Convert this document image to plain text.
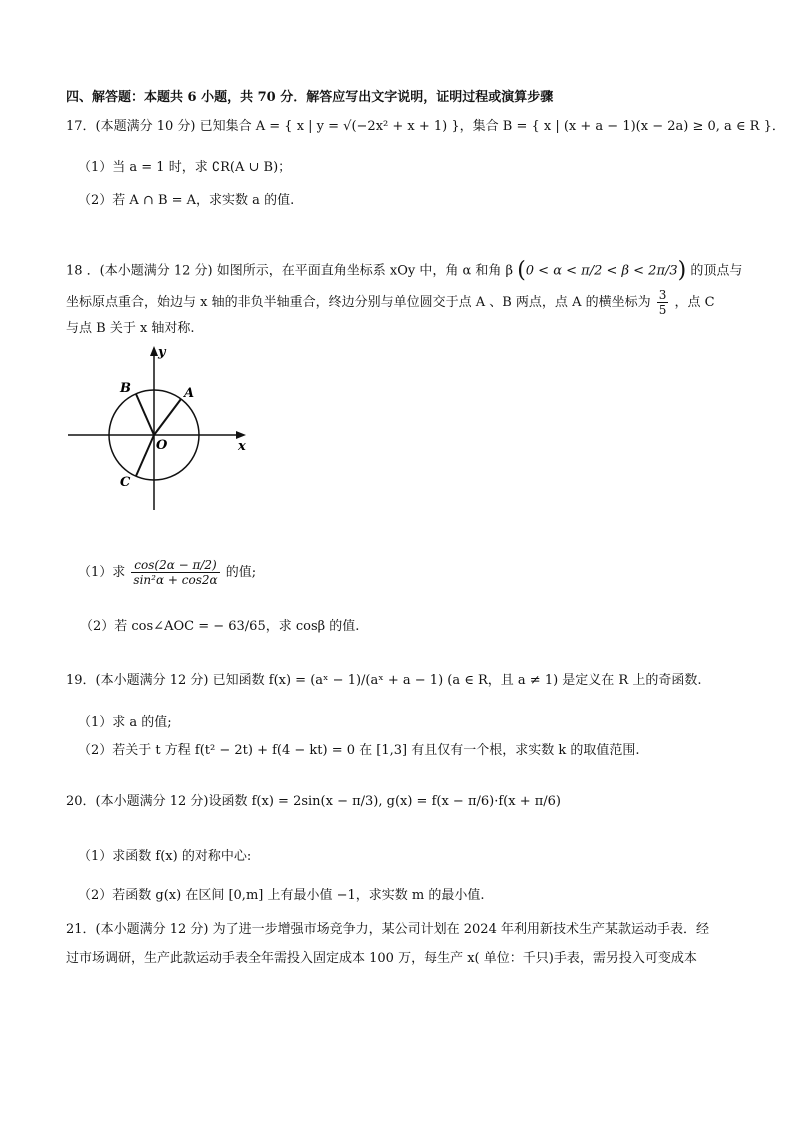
四、解答题：本题共 6 小题，共 70 分．解答应写出文字说明，证明过程或演算步骤
17．(本题满分 10 分) 已知集合 A = { x | y = √(−2x² + x + 1) }，集合 B = { x | (x + a − 1)(x − 2a) ≥ 0, a ∈ R }．
（1）当 a = 1 时，求 ∁R(A ∪ B)；
（2）若 A ∩ B = A，求实数 a 的值.
18 ．(本小题满分 12 分) 如图所示，在平面直角坐标系 xOy 中，角 α 和角 β (0 < α < π/2 < β < 2π/3) 的顶点与
坐标原点重合，始边与 x 轴的非负半轴重合，终边分别与单位圆交于点 A 、B 两点，点 A 的横坐标为 $\frac{3}{5}$ ，点 C
与点 B 关于 x 轴对称.
y
x
O
A
B
C
（1）求 $\frac{\cos(2\alpha - \pi/2)}{\text{sin²α + cos2α}}$ 的值;
（2）若 cos∠AOC = − 63/65，求 cosβ 的值.
19．(本小题满分 12 分) 已知函数 f(x) = (aˣ − 1)/(aˣ + a − 1) (a ∈ R，且 a ≠ 1) 是定义在 R 上的奇函数.
（1）求 a 的值;
（2）若关于 t 方程 f(t² − 2t) + f(4 − kt) = 0 在 [1,3] 有且仅有一个根，求实数 k 的取值范围.
20．(本小题满分 12 分)设函数 f(x) = 2sin(x − π/3), g(x) = f(x − π/6)·f(x + π/6)
（1）求函数 f(x) 的对称中心:
（2）若函数 g(x) 在区间 [0,m] 上有最小值 −1，求实数 m 的最小值.
21．(本小题满分 12 分) 为了进一步增强市场竞争力，某公司计划在 2024 年利用新技术生产某款运动手表．经
过市场调研，生产此款运动手表全年需投入固定成本 100 万，每生产 x( 单位：千只)手表，需另投入可变成本
